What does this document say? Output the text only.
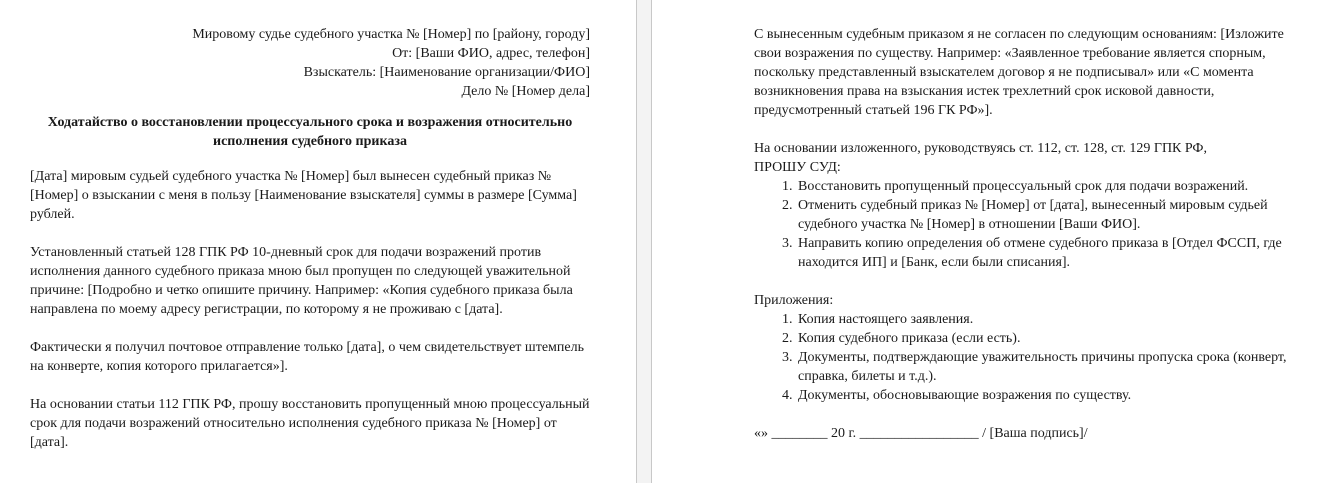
Мировому судье судебного участка № [Номер] по [району, городу]
От: [Ваши ФИО, адрес, телефон]
Взыскатель: [Наименование организации/ФИО]
Дело № [Номер дела]
Ходатайство о восстановлении процессуального срока и возражения относительно исполнения судебного приказа

[Дата] мировым судьей судебного участка № [Номер] был вынесен судебный приказ № [Номер] о взыскании с меня в пользу [Наименование взыскателя] суммы в размере [Сумма] рублей.

Установленный статьей 128 ГПК РФ 10-дневный срок для подачи возражений против исполнения данного судебного приказа мною был пропущен по следующей уважительной причине: [Подробно и четко опишите причину. Например: «Копия судебного приказа была направлена по моему адресу регистрации, по которому я не проживаю с [дата].

Фактически я получил почтовое отправление только [дата], о чем свидетельствует штемпель на конверте, копия которого прилагается»].

На основании статьи 112 ГПК РФ, прошу восстановить пропущенный мною процессуальный срок для подачи возражений относительно исполнения судебного приказа № [Номер] от [дата].

С вынесенным судебным приказом я не согласен по следующим основаниям: [Изложите свои возражения по существу. Например: «Заявленное требование является спорным, поскольку представленный взыскателем договор я не подписывал» или «С момента возникновения права на взыскания истек трехлетний срок исковой давности, предусмотренный статьей 196 ГК РФ»].

На основании изложенного, руководствуясь ст. 112, ст. 128, ст. 129 ГПК РФ,

ПРОШУ СУД:

1. Восстановить пропущенный процессуальный срок для подачи возражений.
2. Отменить судебный приказ № [Номер] от [дата], вынесенный мировым судьей судебного участка № [Номер] в отношении [Ваши ФИО].
3. Направить копию определения об отмене судебного приказа в [Отдел ФССП, где находится ИП] и [Банк, если были списания].

Приложения:

1. Копия настоящего заявления.
2. Копия судебного приказа (если есть).
3. Документы, подтверждающие уважительность причины пропуска срока (конверт, справка, билеты и т.д.).
4. Документы, обосновывающие возражения по существу.

«» ________ 20 г. _________________ / [Ваша подпись]/
